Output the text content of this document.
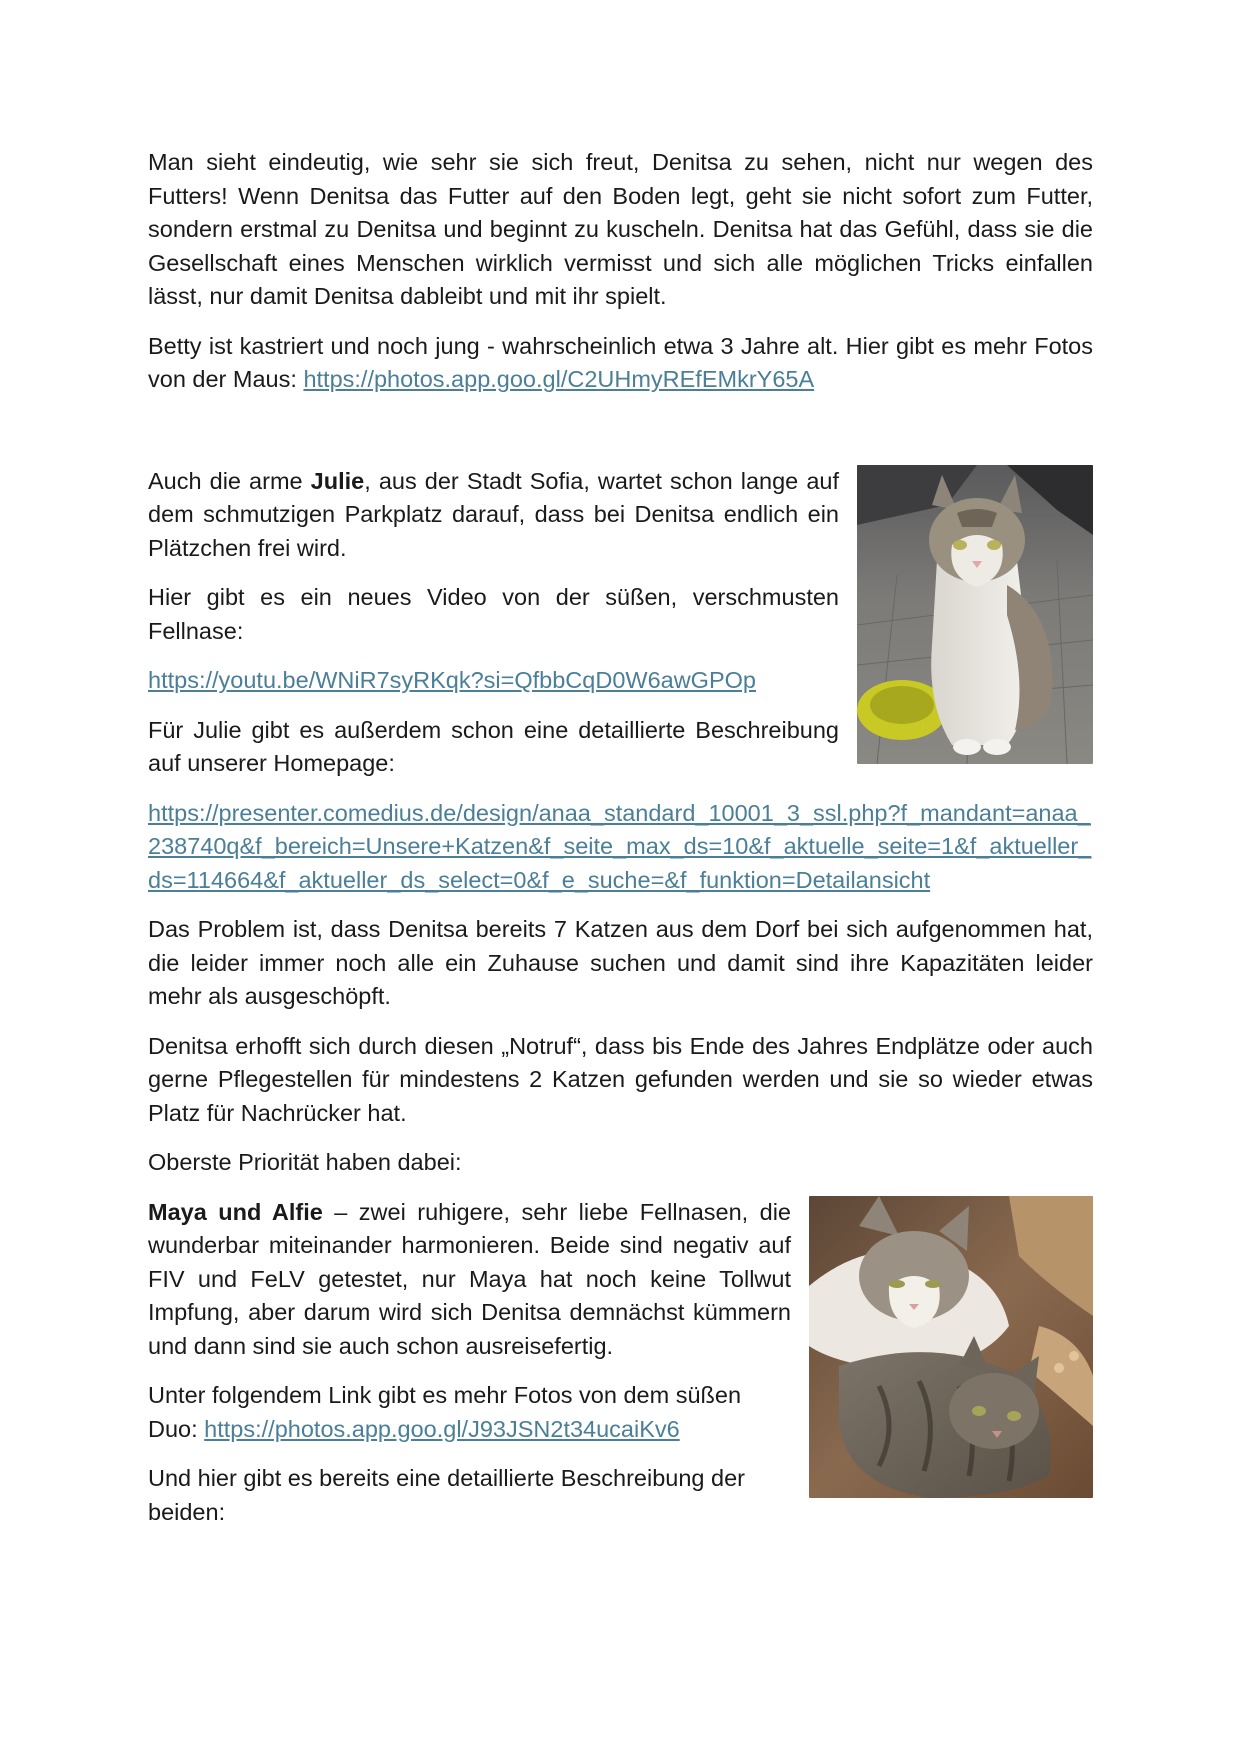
Man sieht eindeutig, wie sehr sie sich freut, Denitsa zu sehen, nicht nur wegen des Futters! Wenn Denitsa das Futter auf den Boden legt, geht sie nicht sofort zum Futter, sondern erstmal zu Denitsa und beginnt zu kuscheln. Denitsa hat das Gefühl, dass sie die Gesellschaft eines Menschen wirklich vermisst und sich alle möglichen Tricks einfallen lässt, nur damit Denitsa dableibt und mit ihr spielt.

Betty ist kastriert und noch jung - wahrscheinlich etwa 3 Jahre alt. Hier gibt es mehr Fotos von der Maus: https://photos.app.goo.gl/C2UHmyREfEMkrY65A

Auch die arme Julie, aus der Stadt Sofia, wartet schon lange auf dem schmutzigen Parkplatz darauf, dass bei Denitsa endlich ein Plätzchen frei wird.

Hier gibt es ein neues Video von der süßen, verschmusten Fellnase:

https://youtu.be/WNiR7syRKqk?si=QfbbCqD0W6awGPOp

Für Julie gibt es außerdem schon eine detaillierte Beschreibung auf unserer Homepage:

https://presenter.comedius.de/design/anaa_standard_10001_3_ssl.php?f_mandant=anaa_238740q&f_bereich=Unsere+Katzen&f_seite_max_ds=10&f_aktuelle_seite=1&f_aktueller_ds=114664&f_aktueller_ds_select=0&f_e_suche=&f_funktion=Detailansicht

Das Problem ist, dass Denitsa bereits 7 Katzen aus dem Dorf bei sich aufgenommen hat, die leider immer noch alle ein Zuhause suchen und damit sind ihre Kapazitäten leider mehr als ausgeschöpft.

Denitsa erhofft sich durch diesen „Notruf“, dass bis Ende des Jahres Endplätze oder auch gerne Pflegestellen für mindestens 2 Katzen gefunden werden und sie so wieder etwas Platz für Nachrücker hat.

Oberste Priorität haben dabei:

Maya und Alfie – zwei ruhigere, sehr liebe Fellnasen, die wunderbar miteinander harmonieren. Beide sind negativ auf FIV und FeLV getestet, nur Maya hat noch keine Tollwut Impfung, aber darum wird sich Denitsa demnächst kümmern und dann sind sie auch schon ausreisefertig.

Unter folgendem Link gibt es mehr Fotos von dem süßen Duo: https://photos.app.goo.gl/J93JSN2t34ucaiKv6

Und hier gibt es bereits eine detaillierte Beschreibung der beiden:
